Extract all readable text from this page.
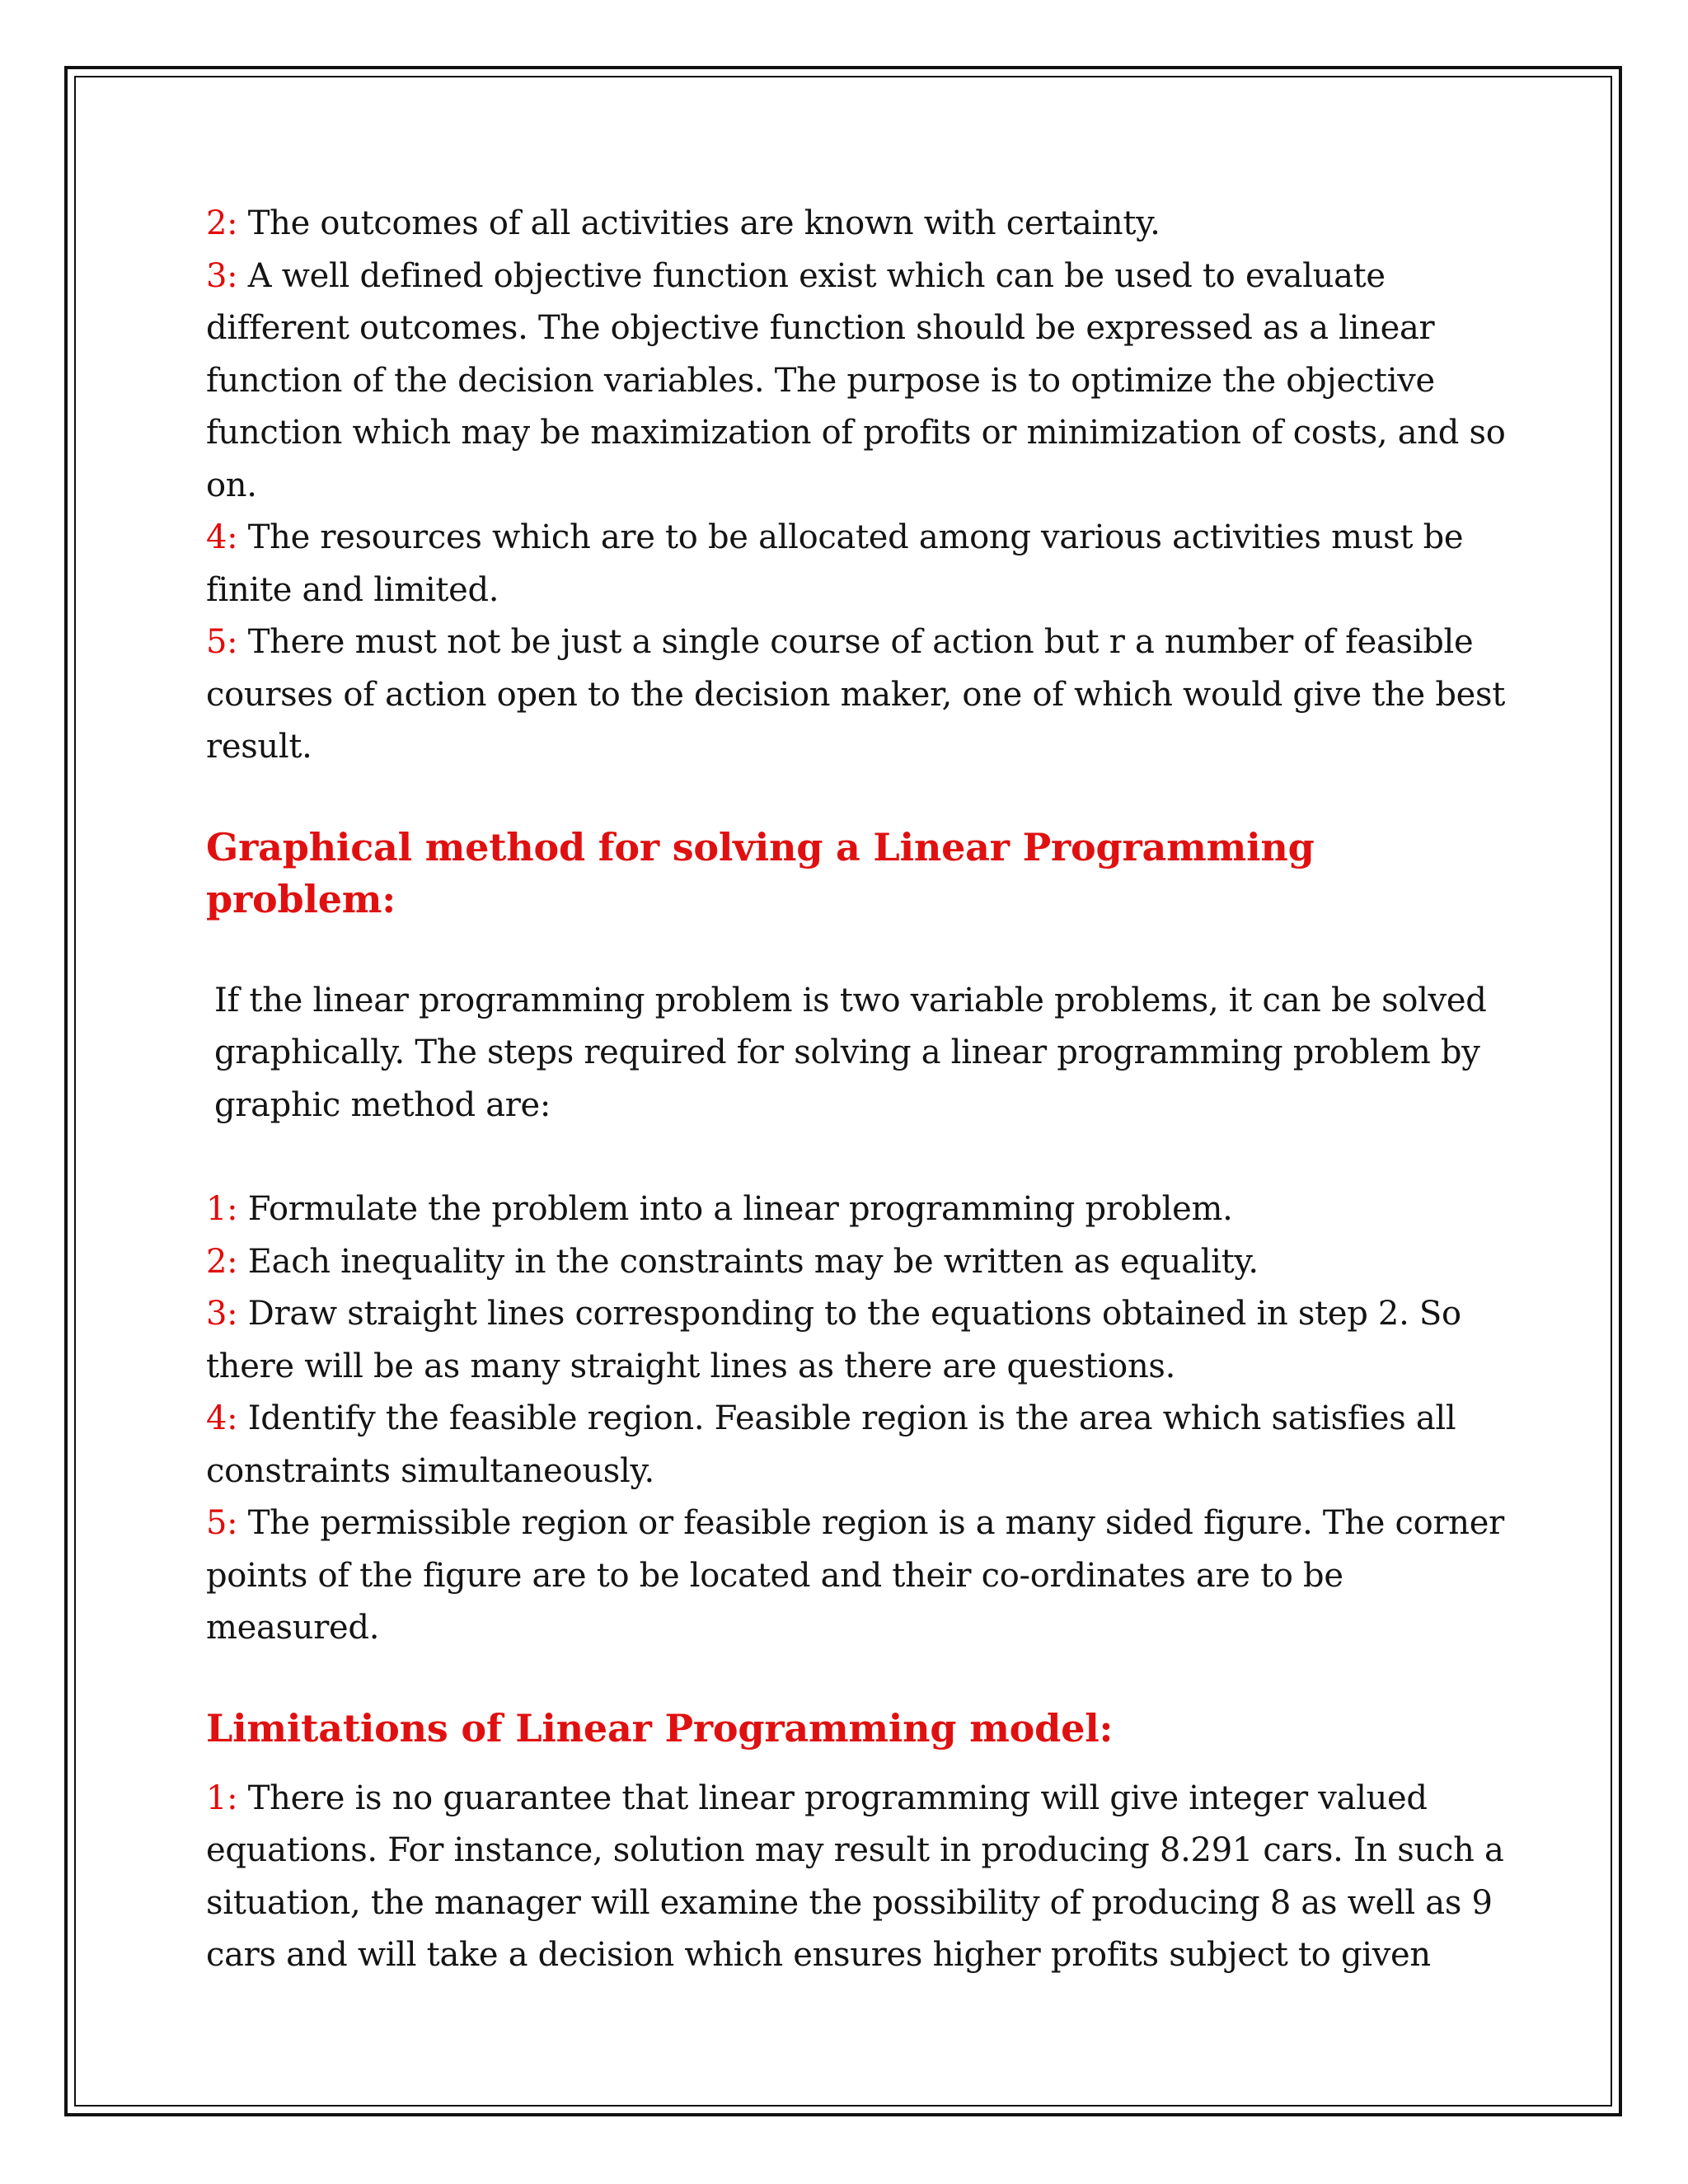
2: The outcomes of all activities are known with certainty.

3: A well defined objective function exist which can be used to evaluate different outcomes. The objective function should be expressed as a linear function of the decision variables. The purpose is to optimize the objective function which may be maximization of profits or minimization of costs, and so on.

4: The resources which are to be allocated among various activities must be finite and limited.

5: There must not be just a single course of action but r a number of feasible courses of action open to the decision maker, one of which would give the best result.

Graphical method for solving a Linear Programming problem:

If the linear programming problem is two variable problems, it can be solved graphically. The steps required for solving a linear programming problem by graphic method are:

1: Formulate the problem into a linear programming problem.

2: Each inequality in the constraints may be written as equality.

3: Draw straight lines corresponding to the equations obtained in step 2. So there will be as many straight lines as there are questions.

4: Identify the feasible region. Feasible region is the area which satisfies all constraints simultaneously.

5: The permissible region or feasible region is a many sided figure. The corner points of the figure are to be located and their co-ordinates are to be measured.

Limitations of Linear Programming model:

1: There is no guarantee that linear programming will give integer valued equations. For instance, solution may result in producing 8.291 cars. In such a situation, the manager will examine the possibility of producing 8 as well as 9 cars and will take a decision which ensures higher profits subject to given
